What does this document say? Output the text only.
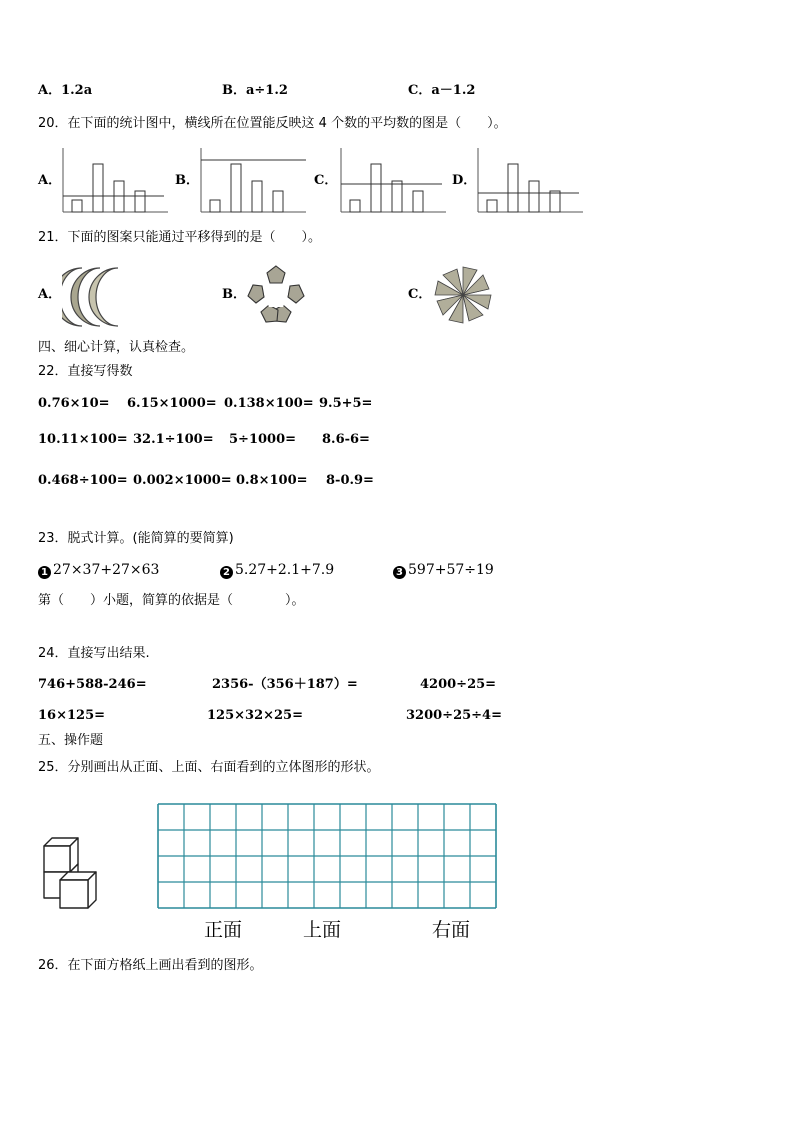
A．1.2a	B．a÷1.2	C．a－1.2
20．在下面的统计图中，横线所在位置能反映这 4 个数的平均数的图是（　　）。
A．	B．	C．	D．
21．下面的图案只能通过平移得到的是（　　）。
A．	B．	C．
四、细心计算，认真检查。
22．直接写得数
0.76×10= 6.15×1000= 0.138×100= 9.5+5=
10.11×100= 32.1÷100= 5÷1000= 8.6-6=
0.468÷100= 0.002×1000= 0.8×100= 8-0.9=
23．脱式计算。(能简算的要简算)
1 27×37+27×63	2 5.27+2.1+7.9	3 597+57÷19
第（　　）小题，简算的依据是（　　　　）。
24．直接写出结果.
746+588-246=	2356-（356＋187）=	4200÷25=
16×125=	125×32×25=	3200÷25÷4=
五、操作题
25．分别画出从正面、上面、右面看到的立体图形的形状。
正面	上面	右面
26．在下面方格纸上画出看到的图形。
